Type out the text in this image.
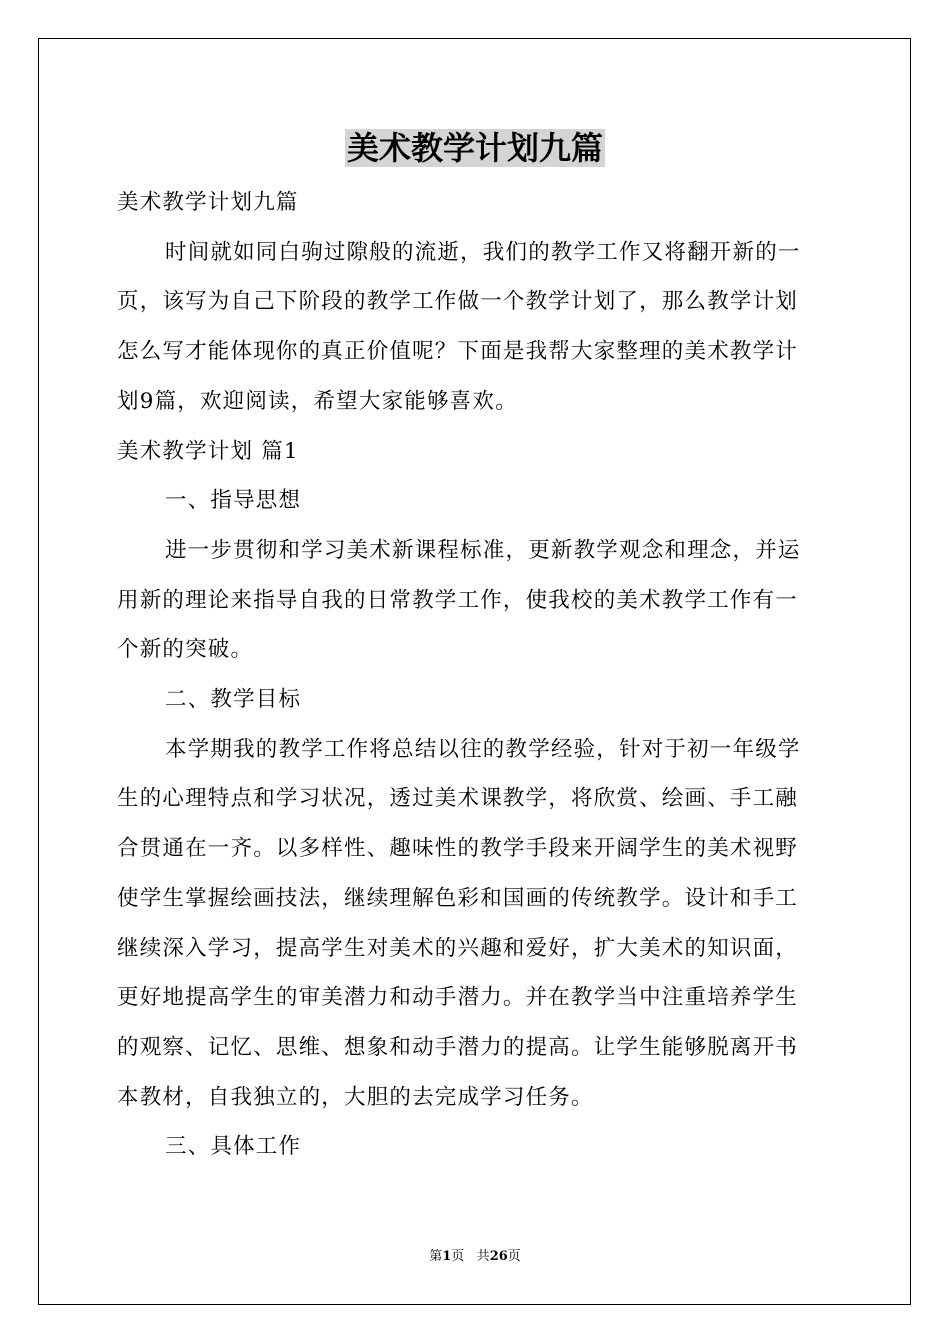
美术教学计划九篇

美术教学计划九篇

时间就如同白驹过隙般的流逝，我们的教学工作又将翻开新的一

页，该写为自己下阶段的教学工作做一个教学计划了，那么教学计划

怎么写才能体现你的真正价值呢？下面是我帮大家整理的美术教学计

划9篇，欢迎阅读，希望大家能够喜欢。

美术教学计划 篇1

一、指导思想

进一步贯彻和学习美术新课程标准，更新教学观念和理念，并运

用新的理论来指导自我的日常教学工作，使我校的美术教学工作有一

个新的突破。

二、教学目标

本学期我的教学工作将总结以往的教学经验，针对于初一年级学

生的心理特点和学习状况，透过美术课教学，将欣赏、绘画、手工融

合贯通在一齐。以多样性、趣味性的教学手段来开阔学生的美术视野

使学生掌握绘画技法，继续理解色彩和国画的传统教学。设计和手工

继续深入学习，提高学生对美术的兴趣和爱好，扩大美术的知识面，

更好地提高学生的审美潜力和动手潜力。并在教学当中注重培养学生

的观察、记忆、思维、想象和动手潜力的提高。让学生能够脱离开书

本教材，自我独立的，大胆的去完成学习任务。

三、具体工作

第1页 共26页
